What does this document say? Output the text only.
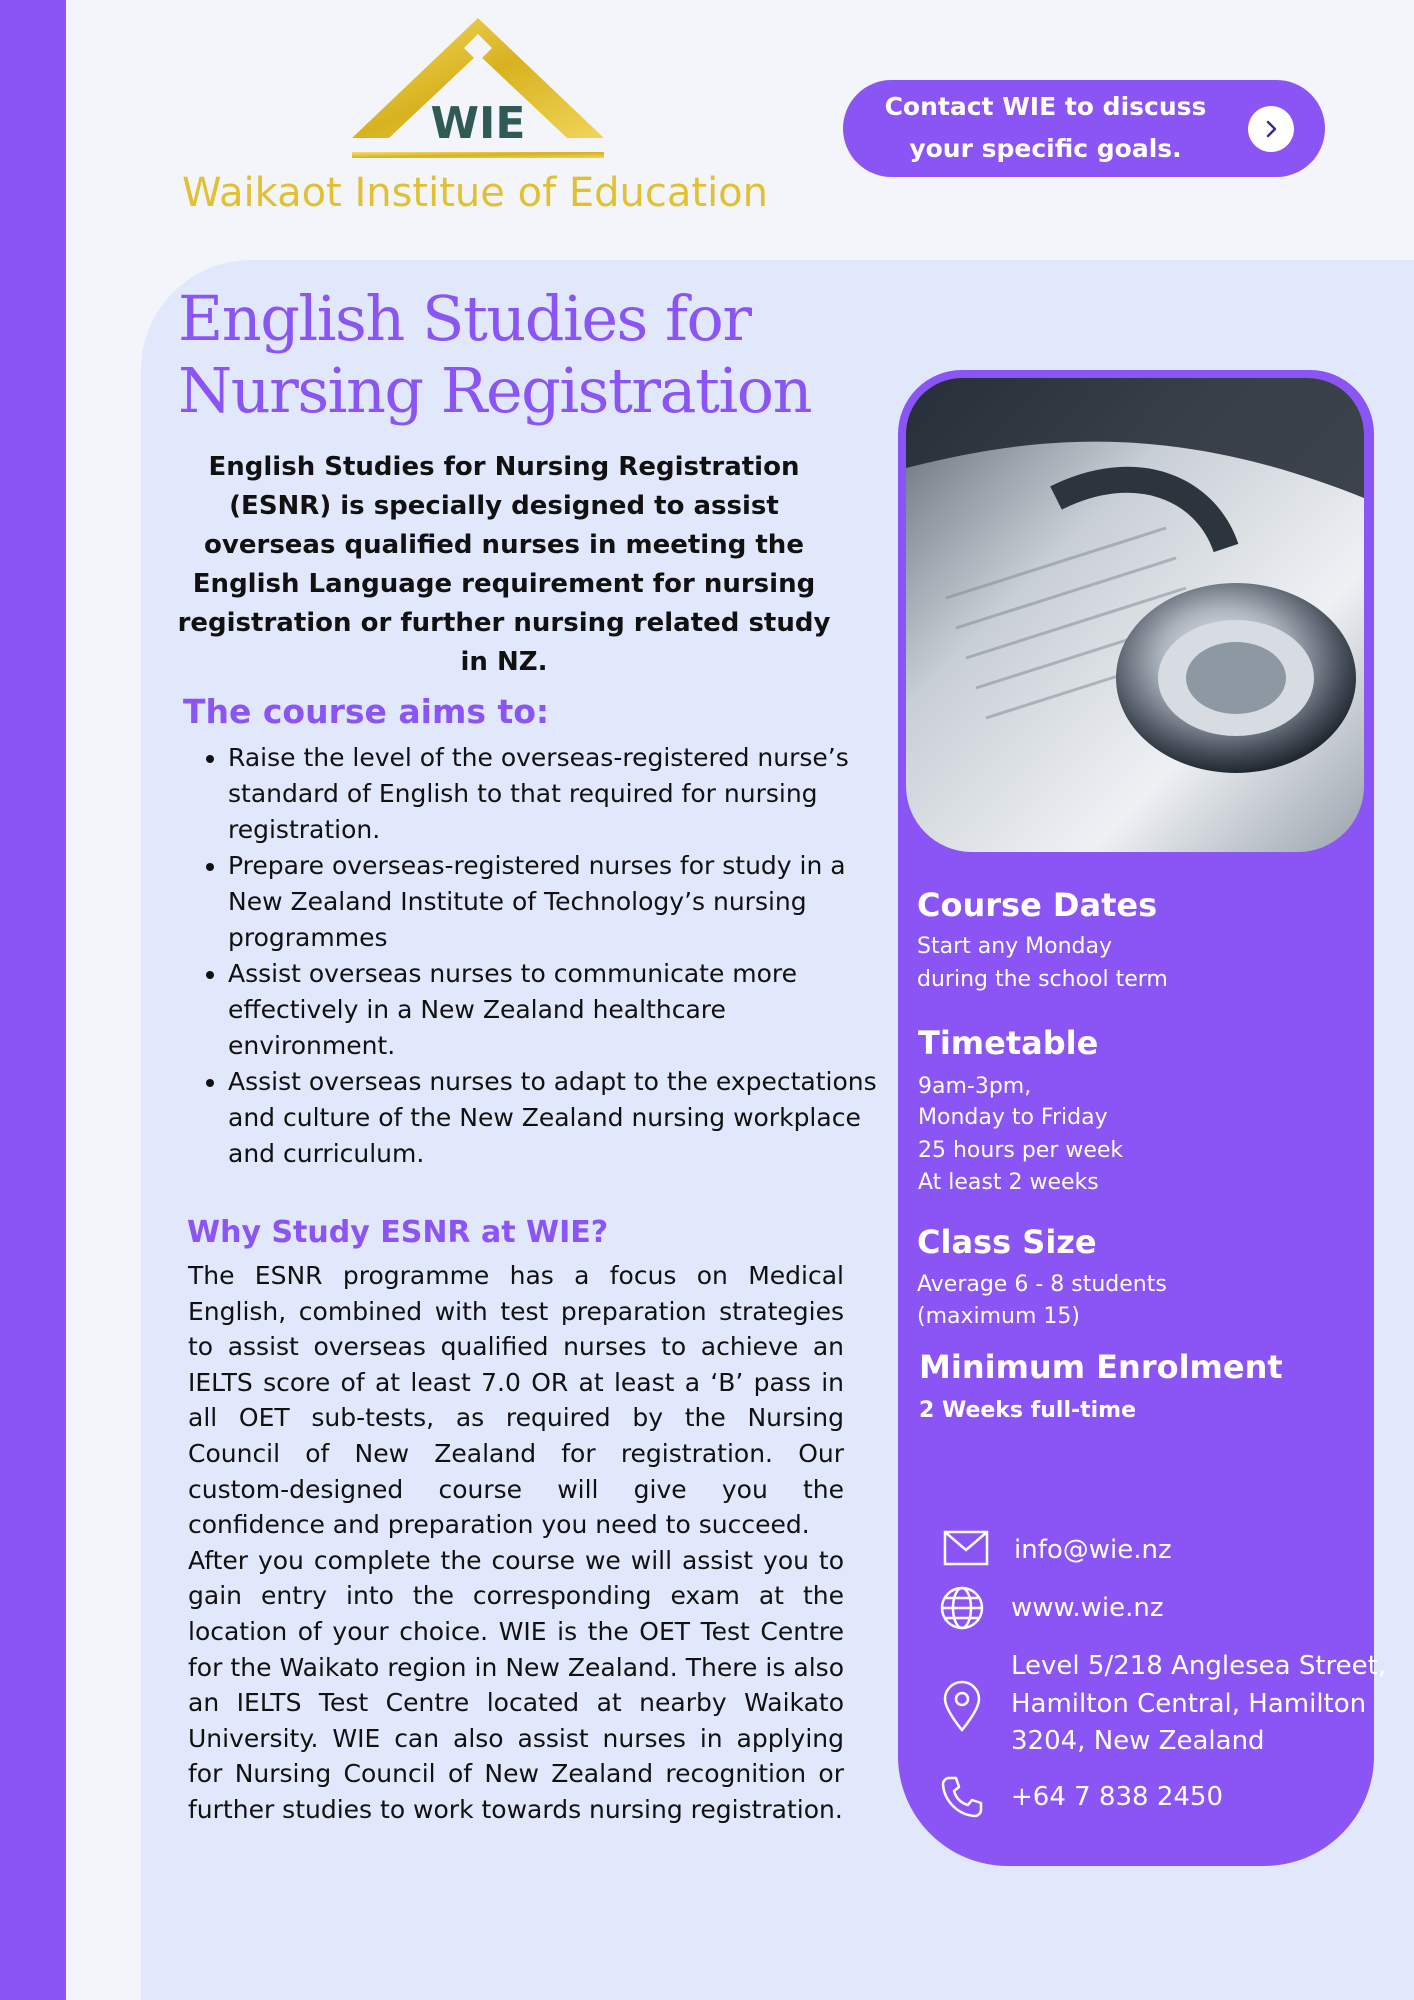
WIE
Waikaot Institue of Education
Contact WIE to discuss
your specific goals.
English Studies for
Nursing Registration
English Studies for Nursing Registration (ESNR) is specially designed to assist overseas qualified nurses in meeting the English Language requirement for nursing registration or further nursing related study in NZ.
The course aims to:
• Raise the level of the overseas-registered nurse’s standard of English to that required for nursing registration.
• Prepare overseas-registered nurses for study in a New Zealand Institute of Technology’s nursing programmes
• Assist overseas nurses to communicate more effectively in a New Zealand healthcare environment.
• Assist overseas nurses to adapt to the expectations and culture of the New Zealand nursing workplace and curriculum.
Why Study ESNR at WIE?

The ESNR programme has a focus on Medical English, combined with test preparation strategies to assist overseas qualified nurses to achieve an IELTS score of at least 7.0 OR at least a ‘B’ pass in all OET sub-tests, as required by the Nursing Council of New Zealand for registration. Our custom-designed course will give you the confidence and preparation you need to succeed.

After you complete the course we will assist you to gain entry into the corresponding exam at the location of your choice. WIE is the OET Test Centre for the Waikato region in New Zealand. There is also an IELTS Test Centre located at nearby Waikato University. WIE can also assist nurses in applying for Nursing Council of New Zealand recognition or further studies to work towards nursing registration.

Course Dates
Start any Monday
during the school term
Timetable
9am-3pm,
Monday to Friday
25 hours per week
At least 2 weeks
Class Size
Average 6 - 8 students
(maximum 15)
Minimum Enrolment
2 Weeks full-time
info@wie.nz
www.wie.nz
Level 5/218 Anglesea Street,
Hamilton Central, Hamilton
3204, New Zealand
+64 7 838 2450
